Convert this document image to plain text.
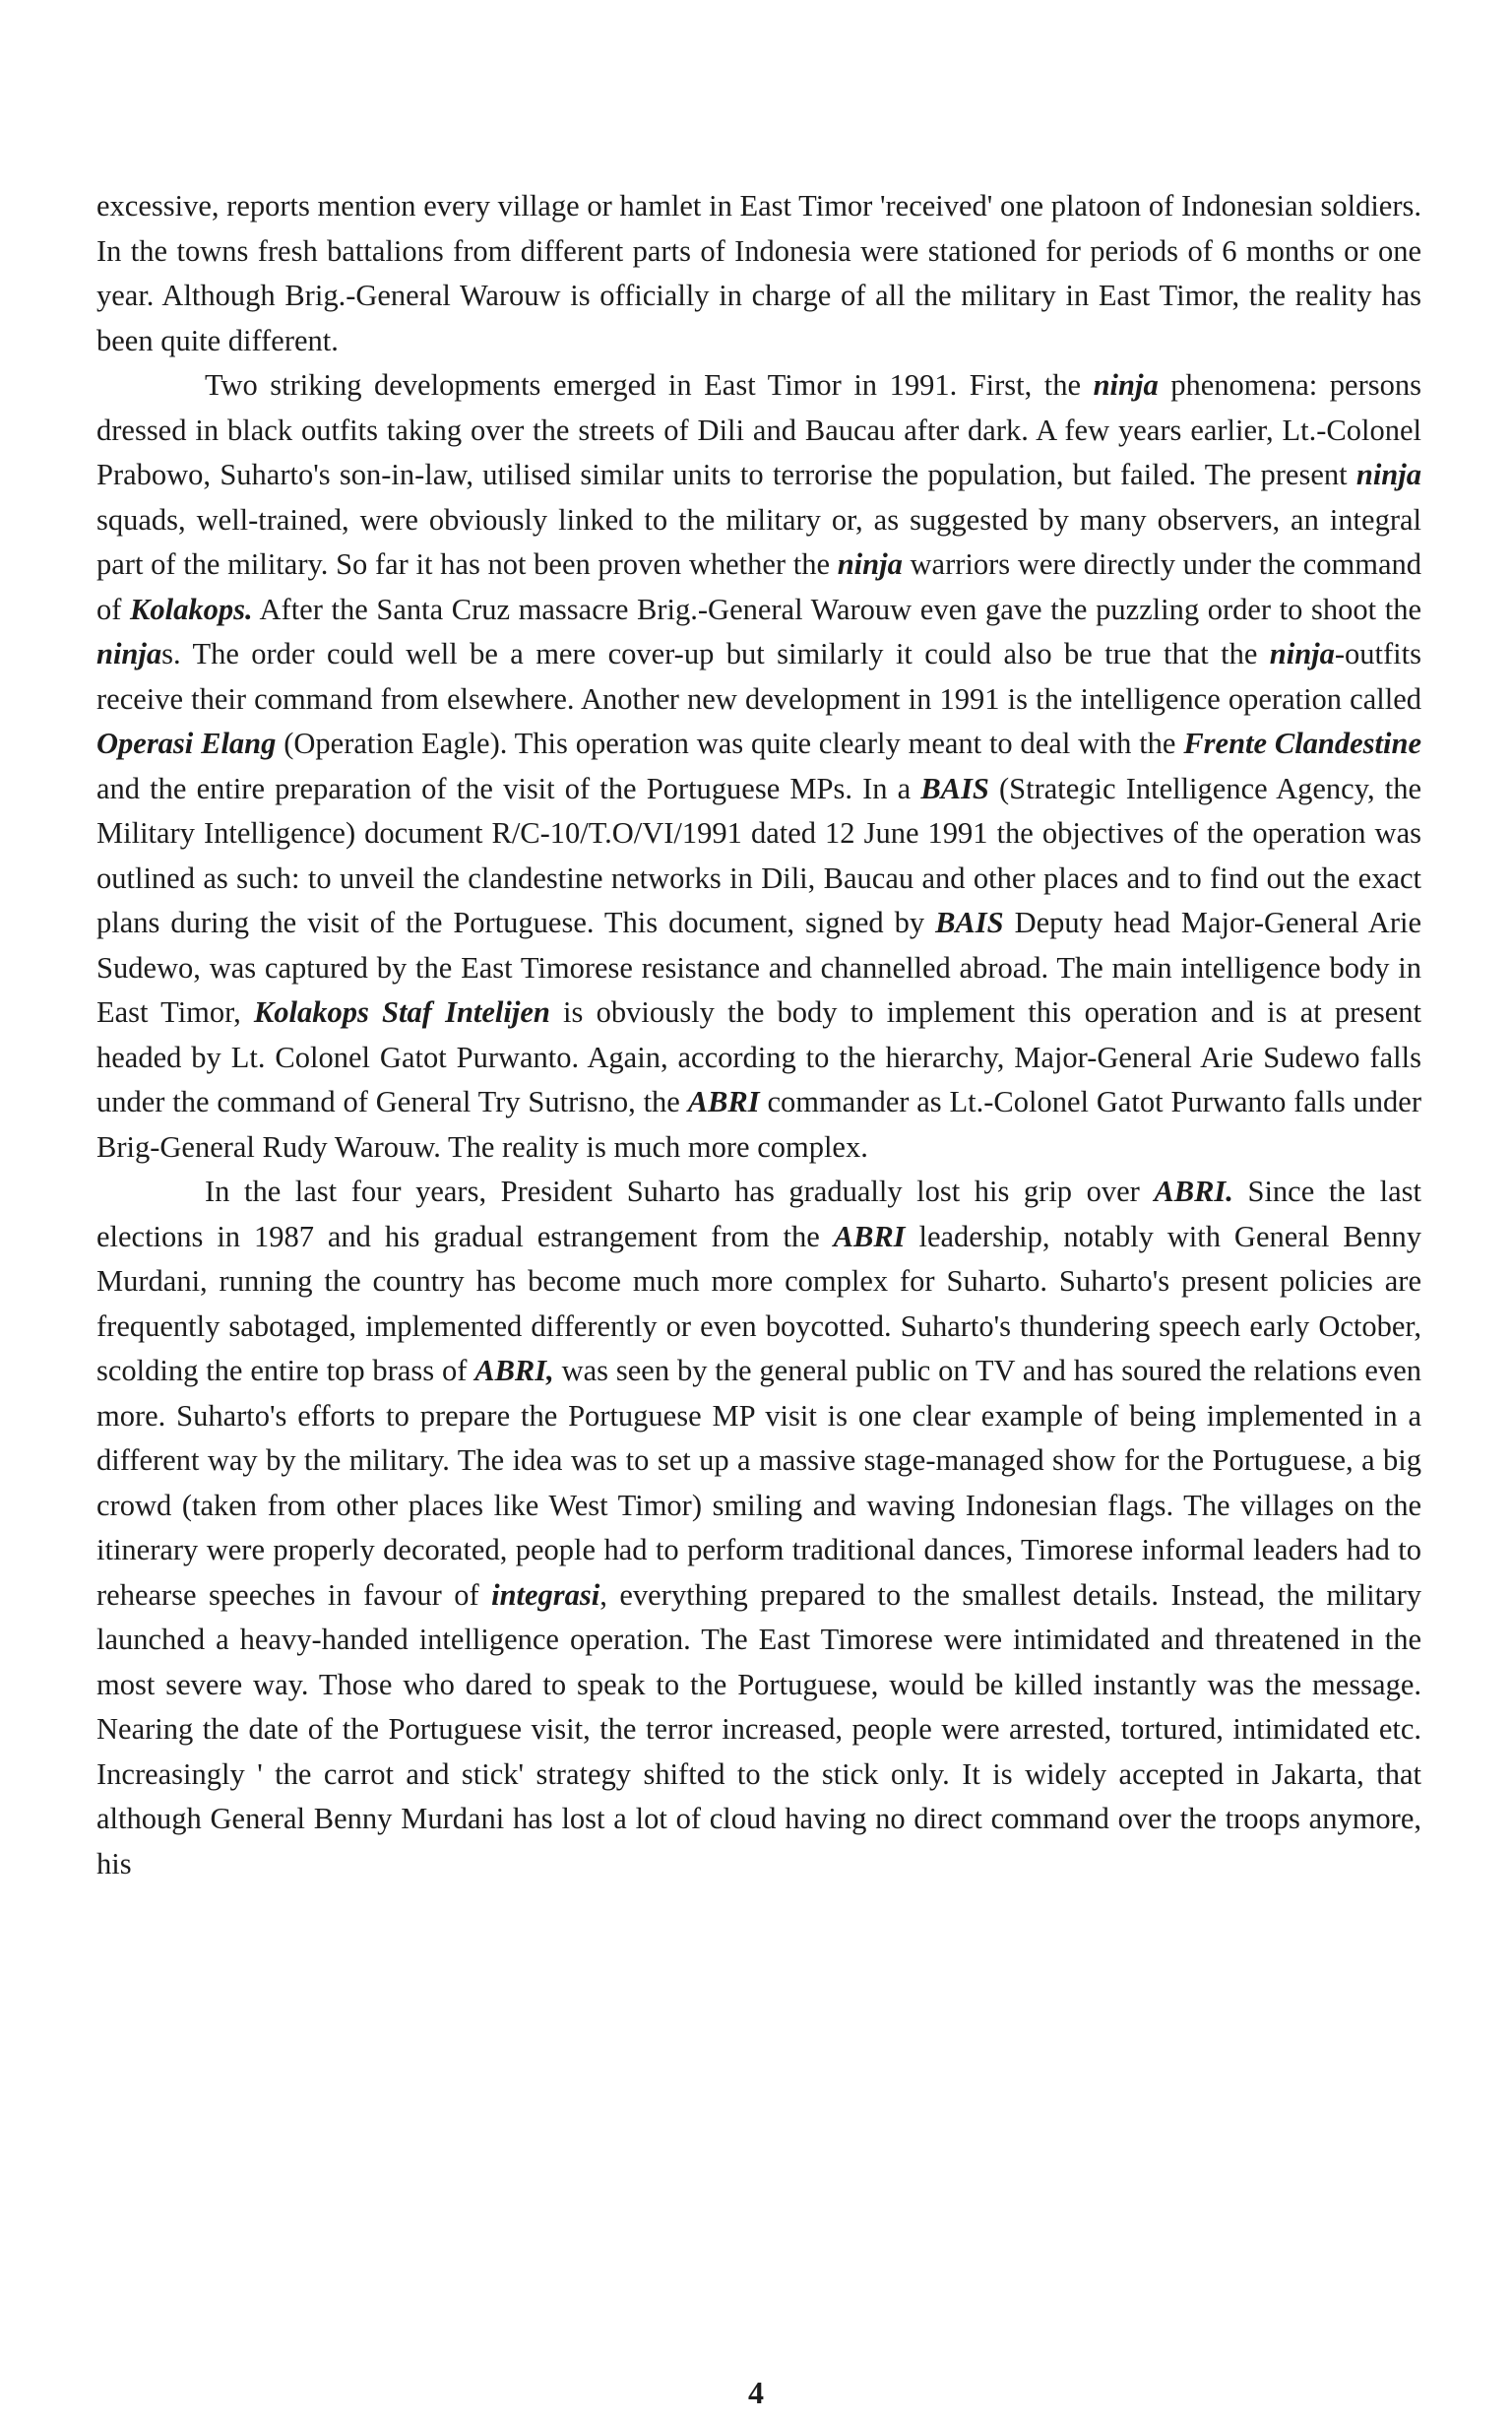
excessive, reports mention every village or hamlet in East Timor 'received' one platoon of Indonesian soldiers. In the towns fresh battalions from different parts of Indonesia were stationed for periods of 6 months or one year. Although Brig.-General Warouw is officially in charge of all the military in East Timor, the reality has been quite different.

Two striking developments emerged in East Timor in 1991. First, the ninja phenomena: persons dressed in black outfits taking over the streets of Dili and Baucau after dark. A few years earlier, Lt.-Colonel Prabowo, Suharto's son-in-law, utilised similar units to terrorise the population, but failed. The present ninja squads, well-trained, were obviously linked to the military or, as suggested by many observers, an integral part of the military. So far it has not been proven whether the ninja warriors were directly under the command of Kolakops. After the Santa Cruz massacre Brig.-General Warouw even gave the puzzling order to shoot the ninjas. The order could well be a mere cover-up but similarly it could also be true that the ninja-outfits receive their command from elsewhere. Another new development in 1991 is the intelligence operation called Operasi Elang (Operation Eagle). This operation was quite clearly meant to deal with the Frente Clandestine and the entire preparation of the visit of the Portuguese MPs. In a BAIS (Strategic Intelligence Agency, the Military Intelligence) document R/C-10/T.O/VI/1991 dated 12 June 1991 the objectives of the operation was outlined as such: to unveil the clandestine networks in Dili, Baucau and other places and to find out the exact plans during the visit of the Portuguese. This document, signed by BAIS Deputy head Major-General Arie Sudewo, was captured by the East Timorese resistance and channelled abroad. The main intelligence body in East Timor, Kolakops Staf Intelijen is obviously the body to implement this operation and is at present headed by Lt. Colonel Gatot Purwanto. Again, according to the hierarchy, Major-General Arie Sudewo falls under the command of General Try Sutrisno, the ABRI commander as Lt.-Colonel Gatot Purwanto falls under Brig-General Rudy Warouw. The reality is much more complex.

In the last four years, President Suharto has gradually lost his grip over ABRI. Since the last elections in 1987 and his gradual estrangement from the ABRI leadership, notably with General Benny Murdani, running the country has become much more complex for Suharto. Suharto's present policies are frequently sabotaged, implemented differently or even boycotted. Suharto's thundering speech early October, scolding the entire top brass of ABRI, was seen by the general public on TV and has soured the relations even more. Suharto's efforts to prepare the Portuguese MP visit is one clear example of being implemented in a different way by the military. The idea was to set up a massive stage-managed show for the Portuguese, a big crowd (taken from other places like West Timor) smiling and waving Indonesian flags. The villages on the itinerary were properly decorated, people had to perform traditional dances, Timorese informal leaders had to rehearse speeches in favour of integrasi, everything prepared to the smallest details. Instead, the military launched a heavy-handed intelligence operation. The East Timorese were intimidated and threatened in the most severe way. Those who dared to speak to the Portuguese, would be killed instantly was the message. Nearing the date of the Portuguese visit, the terror increased, people were arrested, tortured, intimidated etc. Increasingly ' the carrot and stick' strategy shifted to the stick only. It is widely accepted in Jakarta, that although General Benny Murdani has lost a lot of cloud having no direct command over the troops anymore, his

4
